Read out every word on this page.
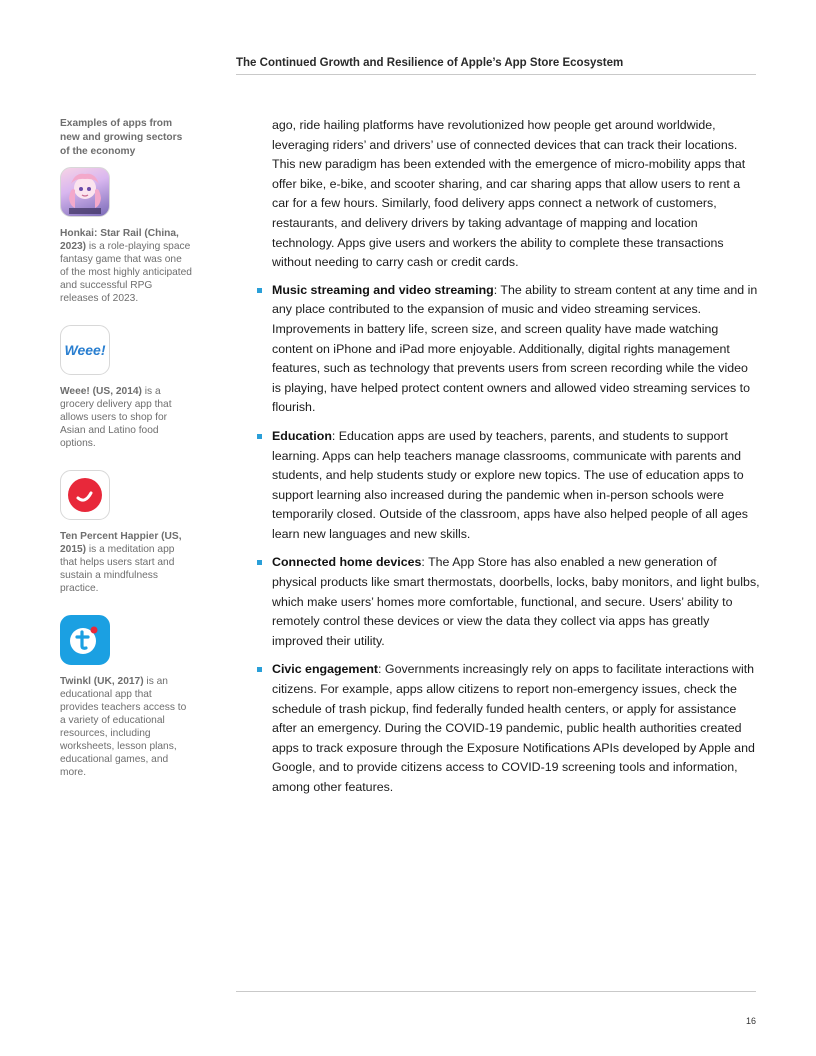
The Continued Growth and Resilience of Apple’s App Store Ecosystem
Examples of apps from new and growing sectors of the economy
Honkai: Star Rail (China, 2023) is a role-playing space fantasy game that was one of the most highly anticipated and successful RPG releases of 2023.
Weee!
Weee! (US, 2014) is a grocery delivery app that allows users to shop for Asian and Latino food options.
Ten Percent Happier (US, 2015) is a meditation app that helps users start and sustain a mindfulness practice.
Twinkl (UK, 2017) is an educational app that provides teachers access to a variety of educational resources, including worksheets, lesson plans, educational games, and more.

ago, ride hailing platforms have revolutionized how people get around worldwide, leveraging riders’ and drivers’ use of connected devices that can track their locations. This new paradigm has been extended with the emergence of micro-mobility apps that offer bike, e-bike, and scooter sharing, and car sharing apps that allow users to rent a car for a few hours. Similarly, food delivery apps connect a network of customers, restaurants, and delivery drivers by taking advantage of mapping and location technology. Apps give users and workers the ability to complete these transactions without needing to carry cash or credit cards.

Music streaming and video streaming: The ability to stream content at any time and in any place contributed to the expansion of music and video streaming services. Improvements in battery life, screen size, and screen quality have made watching content on iPhone and iPad more enjoyable. Additionally, digital rights management features, such as technology that prevents users from screen recording while the video is playing, have helped protect content owners and allowed video streaming services to flourish.
Education: Education apps are used by teachers, parents, and students to support learning. Apps can help teachers manage classrooms, communicate with parents and students, and help students study or explore new topics. The use of education apps to support learning also increased during the pandemic when in-person schools were temporarily closed. Outside of the classroom, apps have also helped people of all ages learn new languages and new skills.
Connected home devices: The App Store has also enabled a new generation of physical products like smart thermostats, doorbells, locks, baby monitors, and light bulbs, which make users’ homes more comfortable, functional, and secure. Users’ ability to remotely control these devices or view the data they collect via apps has greatly improved their utility.
Civic engagement: Governments increasingly rely on apps to facilitate interactions with citizens. For example, apps allow citizens to report non-emergency issues, check the schedule of trash pickup, find federally funded health centers, or apply for assistance after an emergency. During the COVID-19 pandemic, public health authorities created apps to track exposure through the Exposure Notifications APIs developed by Apple and Google, and to provide citizens access to COVID-19 screening tools and information, among other features.
16
